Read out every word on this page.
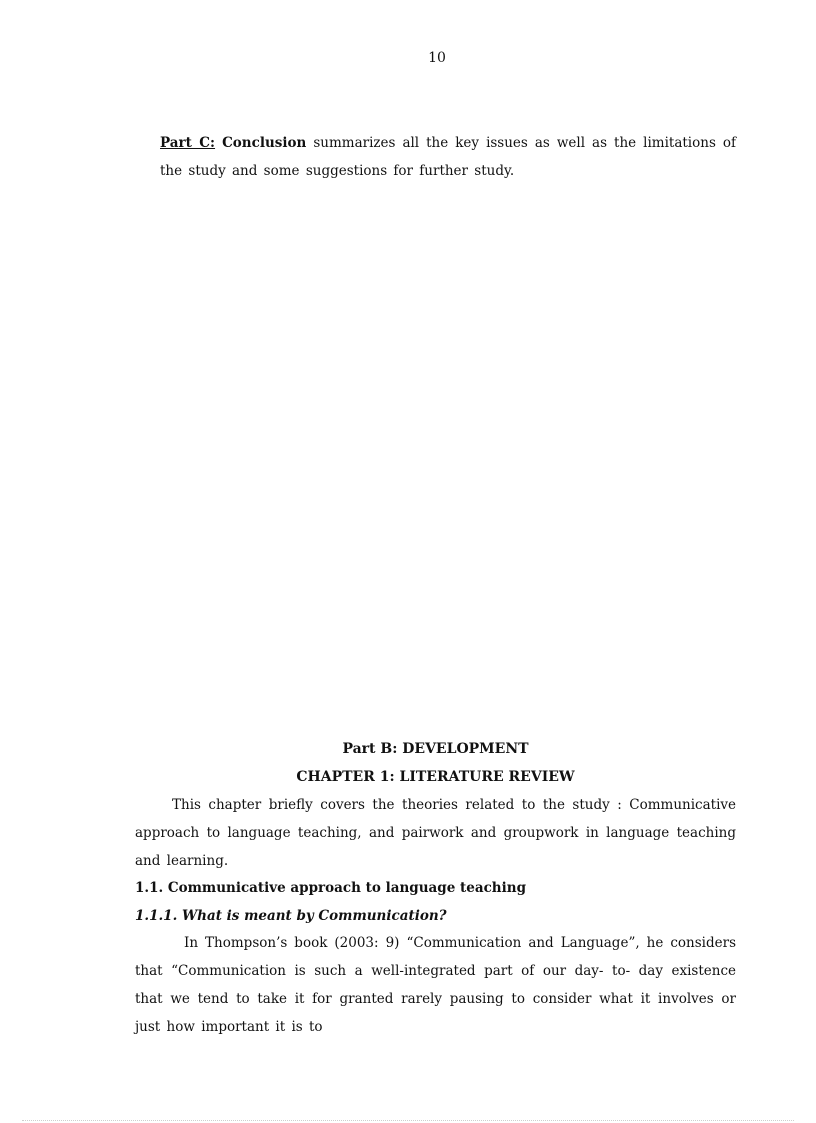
10
Part C: Conclusion summarizes all the key issues as well as the limitations of the study and some suggestions for further study.
Part B: DEVELOPMENT
CHAPTER 1: LITERATURE REVIEW
This chapter briefly covers the theories related to the study : Communicative approach to language teaching, and pairwork and groupwork in language teaching and learning.
1.1. Communicative approach to language teaching
1.1.1. What is meant by Communication?
In Thompson’s book (2003: 9) “Communication and Language”, he considers that “Communication is such a well-integrated part of our day- to- day existence that we tend to take it for granted rarely pausing to consider what it involves or just how important it is to
